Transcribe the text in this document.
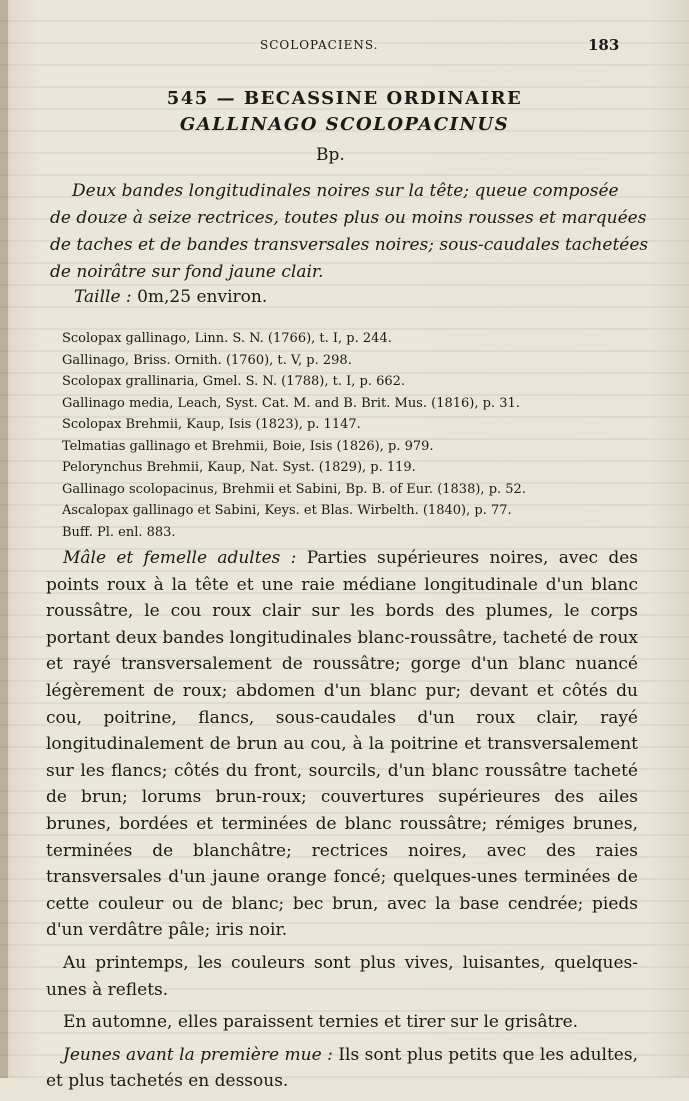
SCOLOPACIENS.	183
545 — BECASSINE ORDINAIRE
GALLINAGO SCOLOPACINUS
Bp.
Deux bandes longitudinales noires sur la tête; queue composée
de douze à seize rectrices, toutes plus ou moins rousses et marquées
de taches et de bandes transversales noires; sous-caudales tachetées
de noirâtre sur fond jaune clair.
Taille : 0m,25 environ.
Scolopax gallinago, Linn. S. N. (1766), t. I, p. 244.
Gallinago, Briss. Ornith. (1760), t. V, p. 298.
Scolopax grallinaria, Gmel. S. N. (1788), t. I, p. 662.
Gallinago media, Leach, Syst. Cat. M. and B. Brit. Mus. (1816), p. 31.
Scolopax Brehmii, Kaup, Isis (1823), p. 1147.
Telmatias gallinago et Brehmii, Boie, Isis (1826), p. 979.
Pelorynchus Brehmii, Kaup, Nat. Syst. (1829), p. 119.
Gallinago scolopacinus, Brehmii et Sabini, Bp. B. of Eur. (1838), p. 52.
Ascalopax gallinago et Sabini, Keys. et Blas. Wirbelth. (1840), p. 77.
Buff. Pl. enl. 883.

Mâle et femelle adultes : Parties supérieures noires, avec des points roux à la tête et une raie médiane longitudinale d'un blanc roussâtre, le cou roux clair sur les bords des plumes, le corps portant deux bandes longitudinales blanc-roussâtre, tacheté de roux et rayé transversalement de roussâtre; gorge d'un blanc nuancé légèrement de roux; abdomen d'un blanc pur; devant et côtés du cou, poitrine, flancs, sous-caudales d'un roux clair, rayé longitudinalement de brun au cou, à la poitrine et transversalement sur les flancs; côtés du front, sourcils, d'un blanc roussâtre tacheté de brun; lorums brun-roux; couvertures supérieures des ailes brunes, bordées et terminées de blanc roussâtre; rémiges brunes, terminées de blanchâtre; rectrices noires, avec des raies transversales d'un jaune orange foncé; quelques-unes terminées de cette couleur ou de blanc; bec brun, avec la base cendrée; pieds d'un verdâtre pâle; iris noir.

Au printemps, les couleurs sont plus vives, luisantes, quelques-unes à reflets.

En automne, elles paraissent ternies et tirer sur le grisâtre.

Jeunes avant la première mue : Ils sont plus petits que les adultes, et plus tachetés en dessous.
